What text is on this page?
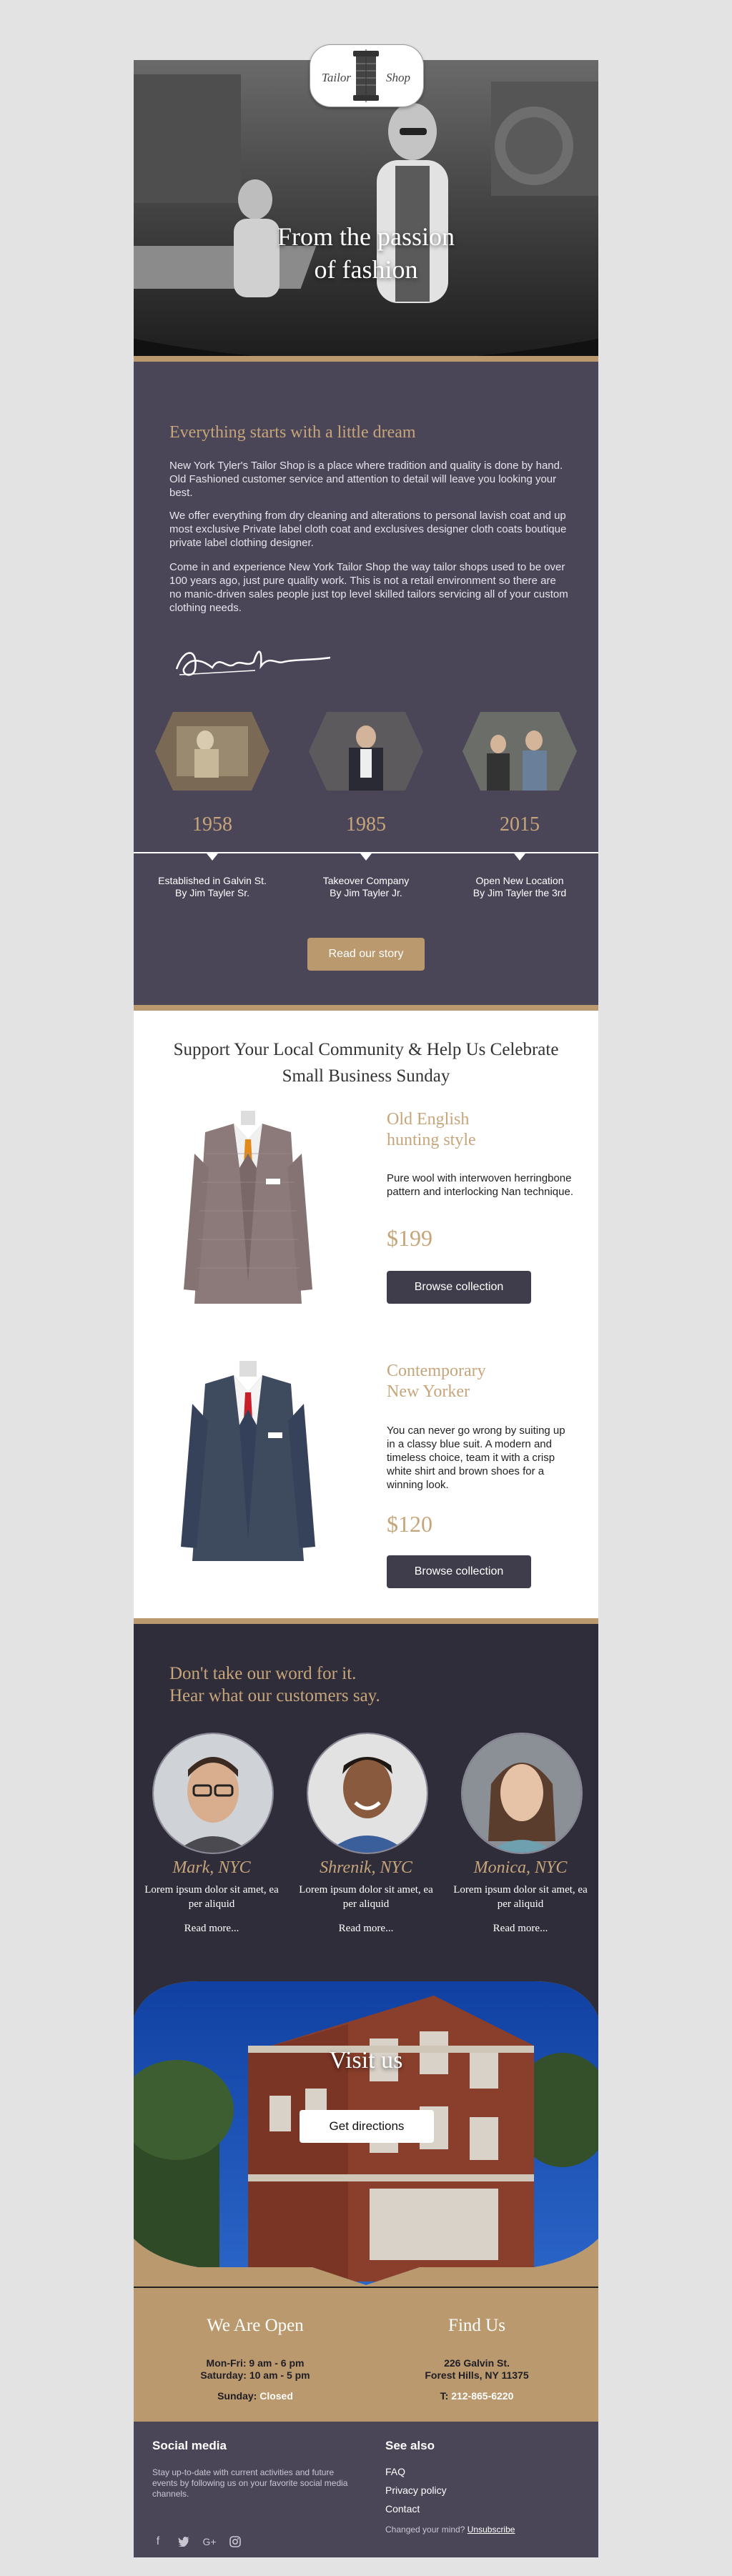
From the passion
of fashion
Tailor	Shop
Everything starts with a little dream

New York Tyler's Tailor Shop is a place where tradition and quality is done by hand. Old Fashioned customer service and attention to detail will leave you looking your best.

We offer everything from dry cleaning and alterations to personal lavish coat and up most exclusive Private label cloth coat and exclusives designer cloth coats boutique private label clothing designer.

Come in and experience New York Tailor Shop the way tailor shops used to be over 100 years ago, just pure quality work. This is not a retail environment so there are no manic-driven sales people just top level skilled tailors servicing all of your custom clothing needs.

1958	1985	2015
Established in Galvin St.
By Jim Tayler Sr.
Takeover Company
By Jim Tayler Jr.
Open New Location
By Jim Tayler the 3rd
Read our story
Support Your Local Community & Help Us Celebrate
Small Business Sunday
Old English
hunting style
Pure wool with interwoven herringbone pattern and interlocking Nan technique.
$199
Browse collection
Contemporary
New Yorker
You can never go wrong by suiting up in a classy blue suit. A modern and timeless choice, team it with a crisp white shirt and brown shoes for a winning look.
$120
Browse collection
Don't take our word for it.
Hear what our customers say.
Mark, NYC
Lorem ipsum dolor sit amet, ea per aliquid
Read more...
Shrenik, NYC
Lorem ipsum dolor sit amet, ea per aliquid
Read more...
Monica, NYC
Lorem ipsum dolor sit amet, ea per aliquid
Read more...
Visit us
Get directions
We Are Open
Mon-Fri: 9 am - 6 pm
Saturday: 10 am - 5 pm
Sunday: Closed
Find Us
226 Galvin St.
Forest Hills, NY 11375
T: 212-865-6220
Social media
Stay up-to-date with current activities and future events by following us on your favorite social media channels.
f	G+
See also
FAQ
Privacy policy
Contact
Changed your mind? Unsubscribe
